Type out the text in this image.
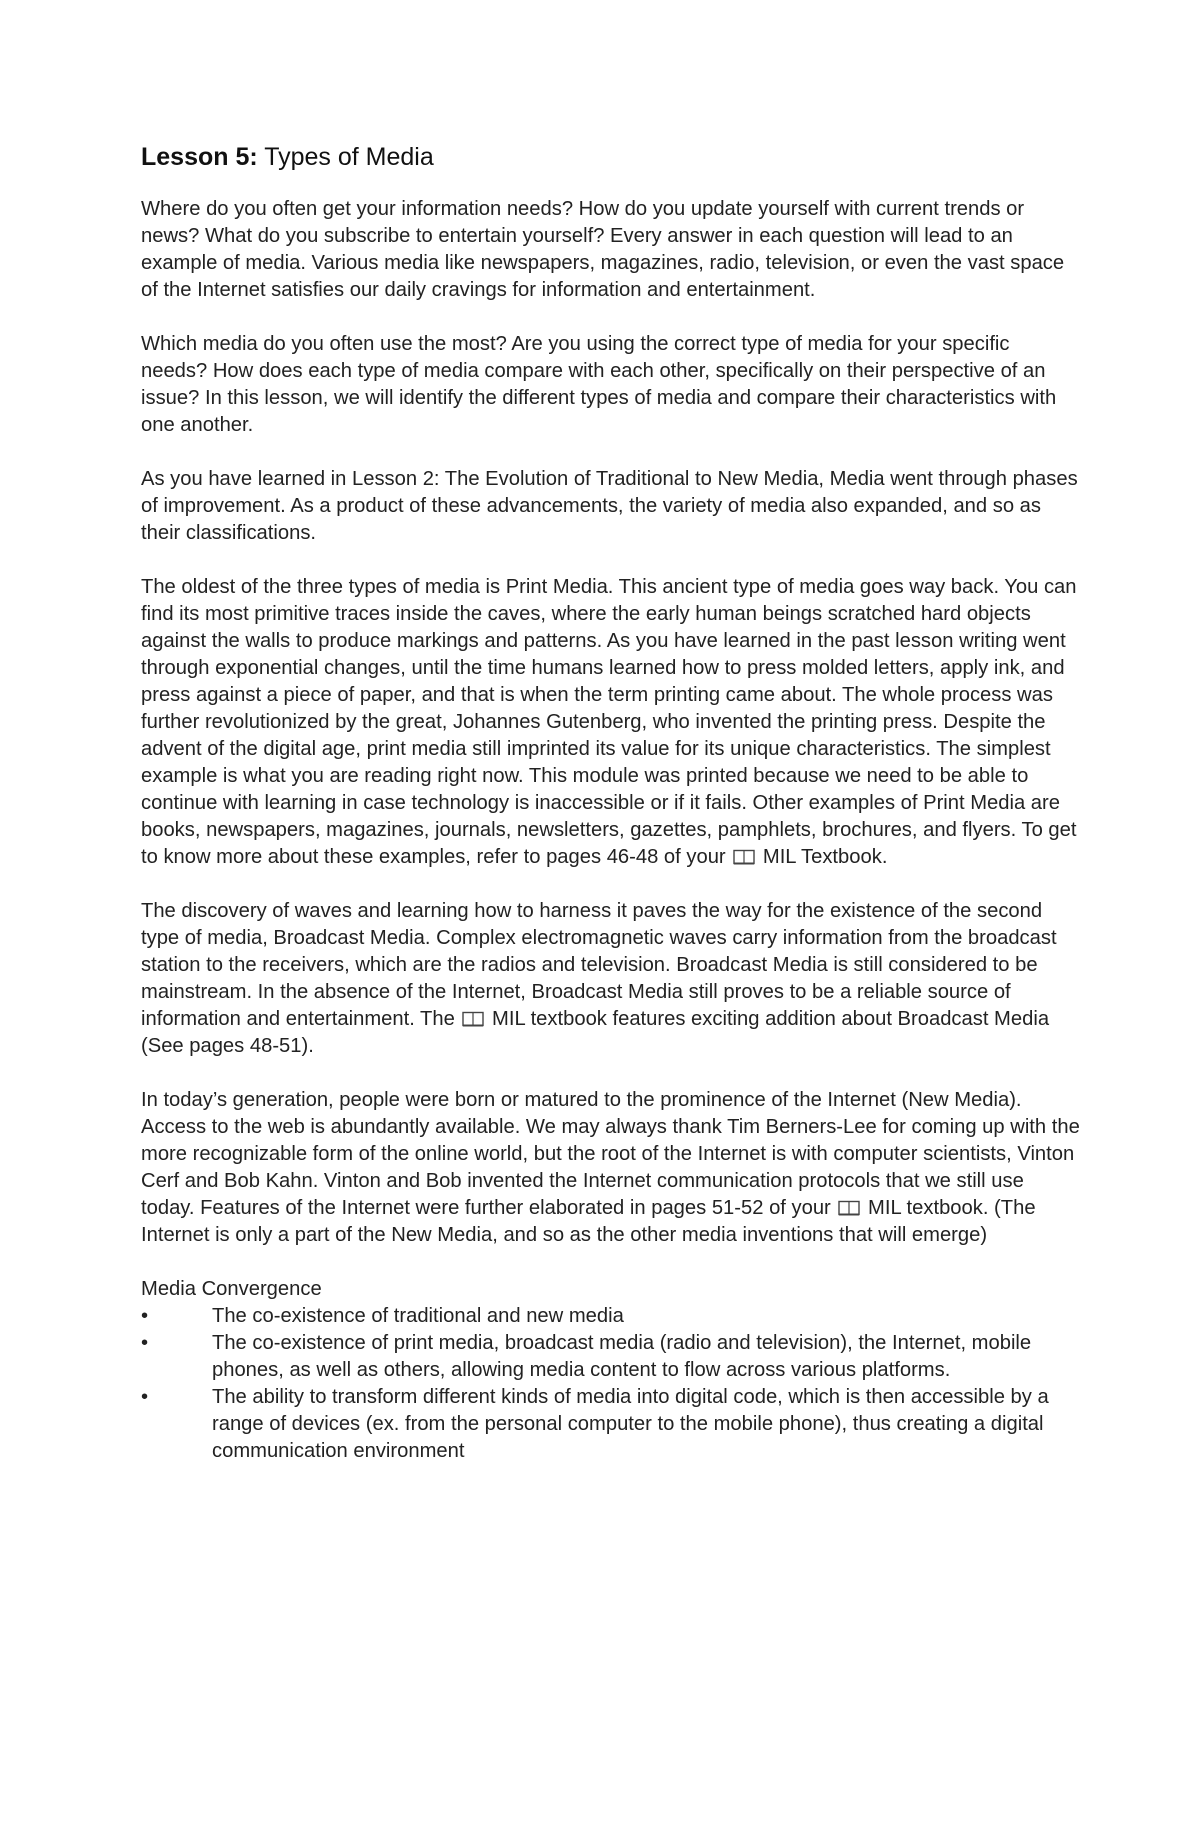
Lesson 5: Types of Media

Where do you often get your information needs? How do you update yourself with current trends or news? What do you subscribe to entertain yourself? Every answer in each question will lead to an example of media. Various media like newspapers, magazines, radio, television, or even the vast space of the Internet satisfies our daily cravings for information and entertainment.

Which media do you often use the most? Are you using the correct type of media for your specific needs? How does each type of media compare with each other, specifically on their perspective of an issue? In this lesson, we will identify the different types of media and compare their characteristics with one another.

As you have learned in Lesson 2: The Evolution of Traditional to New Media, Media went through phases of improvement. As a product of these advancements, the variety of media also expanded, and so as their classifications.

The oldest of the three types of media is Print Media. This ancient type of media goes way back. You can find its most primitive traces inside the caves, where the early human beings scratched hard objects against the walls to produce markings and patterns. As you have learned in the past lesson writing went through exponential changes, until the time humans learned how to press molded letters, apply ink, and press against a piece of paper, and that is when the term printing came about. The whole process was further revolutionized by the great, Johannes Gutenberg, who invented the printing press. Despite the advent of the digital age, print media still imprinted its value for its unique characteristics. The simplest example is what you are reading right now. This module was printed because we need to be able to continue with learning in case technology is inaccessible or if it fails. Other examples of Print Media are books, newspapers, magazines, journals, newsletters, gazettes, pamphlets, brochures, and flyers. To get to know more about these examples, refer to pages 46-48 of your  MIL Textbook.

The discovery of waves and learning how to harness it paves the way for the existence of the second type of media, Broadcast Media. Complex electromagnetic waves carry information from the broadcast station to the receivers, which are the radios and television. Broadcast Media is still considered to be mainstream. In the absence of the Internet, Broadcast Media still proves to be a reliable source of information and entertainment. The  MIL textbook features exciting addition about Broadcast Media (See pages 48-51).

In today’s generation, people were born or matured to the prominence of the Internet (New Media). Access to the web is abundantly available. We may always thank Tim Berners-Lee for coming up with the more recognizable form of the online world, but the root of the Internet is with computer scientists, Vinton Cerf and Bob Kahn. Vinton and Bob invented the Internet communication protocols that we still use today. Features of the Internet were further elaborated in pages 51-52 of your  MIL textbook. (The Internet is only a part of the New Media, and so as the other media inventions that will emerge)

Media Convergence
•	The co-existence of traditional and new media
•	The co-existence of print media, broadcast media (radio and television), the Internet, mobile phones, as well as others, allowing media content to flow across various platforms.
•	The ability to transform different kinds of media into digital code, which is then accessible by a range of devices (ex. from the personal computer to the mobile phone), thus creating a digital communication environment
